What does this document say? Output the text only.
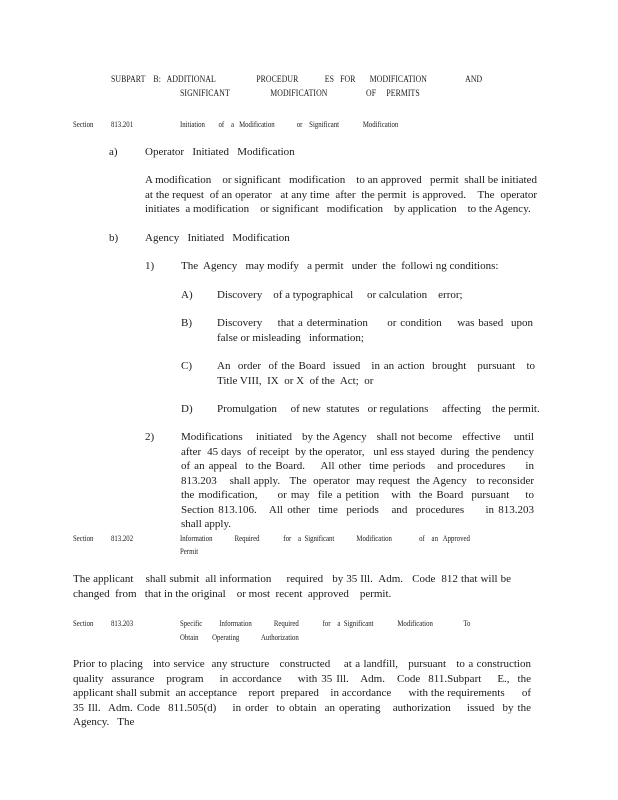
SUBPART    B:   ADDITIONAL                    PROCEDUR             ES   FOR       MODIFICATION                   AND
SIGNIFICANT                    MODIFICATION                   OF     PERMITS
Section 813.201	Initiation        of    a   Modification             or    Significant              Modification
a) Operator   Initiated   Modification
A modification    or significant   modification    to an approved   permit  shall be initiated at the request  of an operator   at any time  after  the permit  is approved.    The  operator initiates  a modification    or significant   modification    by application    to the Agency.
b) Agency   Initiated   Modification
1) The  Agency   may modify   a permit   under  the  followi ng conditions:
A) Discovery    of a typographical     or calculation    error;
B) Discovery    that a determination     or condition    was based  upon false or misleading   information;
C) An  order  of the Board  issued   in an action  brought   pursuant   to Title VIII,  IX  or X  of the  Act;  or
D) Promulgation     of new  statutes   or regulations     affecting    the permit.
2) Modifications    initiated   by the Agency   shall not become   effective    until after  45 days  of receipt  by the operator,   unl ess stayed  during  the pendency of an appeal  to the Board.    All other  time periods   and procedures     in 813.203    shall apply.   The  operator  may request  the Agency   to reconsider the modification,     or may  file a petition   with  the Board  pursuant    to Section 813.106.   All other  time  periods   and  procedures     in 813.203    shall apply.
Section 813.202	Information             Required              for    a  Significant             Modification                of    an   Approved
Permit
The applicant    shall submit  all information     required   by 35 Ill.  Adm.   Code  812 that will be changed  from   that in the original    or most  recent  approved    permit.
Section 813.203	Specific          Information             Required              for    a  Significant              Modification                  To
Obtain        Operating             Authorization
Prior to placing   into service  any structure   constructed    at a landfill,   pursuant   to a construction quality  assurance   program    in accordance    with 35 Ill.   Adm.   Code  811.Subpart    E.,  the applicant shall submit  an acceptance    report  prepared    in accordance      with the requirements      of 35 Ill.  Adm. Code  811.505(d)    in order  to obtain  an operating   authorization    issued  by the Agency.   The
